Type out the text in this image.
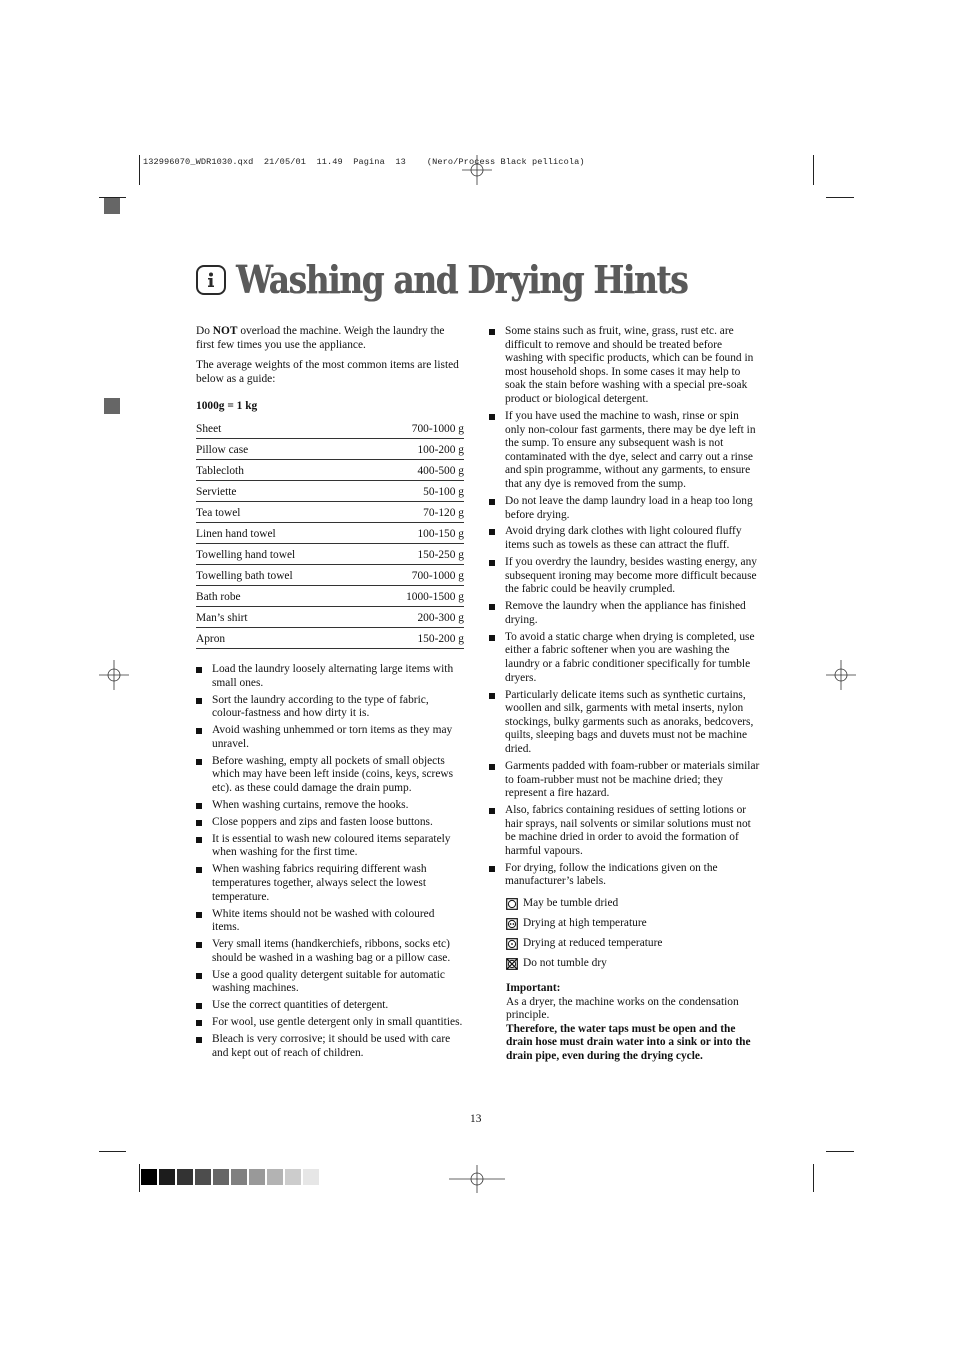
132996070_WDR1030.qxd  21/05/01  11.49  Pagina  13    (Nero/Process Black pellicola)
Washing and Drying Hints

Do NOT overload the machine. Weigh the laundry the first few times you use the appliance.

The average weights of the most common items are listed below as a guide:

1000g = 1 kg
Sheet	700-1000 g
Pillow case	100-200 g
Tablecloth	400-500 g
Serviette	50-100 g
Tea towel	70-120 g
Linen hand towel	100-150 g
Towelling hand towel	150-250 g
Towelling bath towel	700-1000 g
Bath robe	1000-1500 g
Man’s shirt	200-300 g
Apron	150-200 g
Load the laundry loosely alternating large items with small ones.
Sort the laundry according to the type of fabric, colour-fastness and how dirty it is.
Avoid washing unhemmed or torn items as they may unravel.
Before washing, empty all pockets of small objects which may have been left inside (coins, keys, screws etc). as these could damage the drain pump.
When washing curtains, remove the hooks.
Close poppers and zips and fasten loose buttons.
It is essential to wash new coloured items separately when washing for the first time.
When washing fabrics requiring different wash temperatures together, always select the lowest temperature.
White items should not be washed with coloured items.
Very small items (handkerchiefs, ribbons, socks etc) should be washed in a washing bag or a pillow case.
Use a good quality detergent suitable for automatic washing machines.
Use the correct quantities of detergent.
For wool, use gentle detergent only in small quantities.
Bleach is very corrosive; it should be used with care and kept out of reach of children.
Some stains such as fruit, wine, grass, rust etc. are difficult to remove and should be treated before washing with specific products, which can be found in most household shops. In some cases it may help to soak the stain before washing with a special pre-soak product or biological detergent.
If you have used the machine to wash, rinse or spin only non-colour fast garments, there may be dye left in the sump. To ensure any subsequent wash is not contaminated with the dye, select and carry out a rinse and spin programme, without any garments, to ensure that any dye is removed from the sump.
Do not leave the damp laundry load in a heap too long before drying.
Avoid drying dark clothes with light coloured fluffy items such as towels as these can attract the fluff.
If you overdry the laundry, besides wasting energy, any subsequent ironing may become more difficult because the fabric could be heavily crumpled.
Remove the laundry when the appliance has finished drying.
To avoid a static charge when drying is completed, use either a fabric softener when you are washing the laundry or a fabric conditioner specifically for tumble dryers.
Particularly delicate items such as synthetic curtains, woollen and silk, garments with metal inserts, nylon stockings, bulky garments such as anoraks, bedcovers, quilts, sleeping bags and duvets must not be machine dried.
Garments padded with foam-rubber or materials similar to foam-rubber must not be machine dried; they represent a fire hazard.
Also, fabrics containing residues of setting lotions or hair sprays, nail solvents or similar solutions must not be machine dried in order to avoid the formation of harmful vapours.
For drying, follow the indications given on the manufacturer’s labels.
May be tumble dried
Drying at high temperature
Drying at reduced temperature
Do not tumble dry
Important:
As a dryer, the machine works on the condensation principle.
Therefore, the water taps must be open and the drain hose must drain water into a sink or into the drain pipe, even during the drying cycle.
13
